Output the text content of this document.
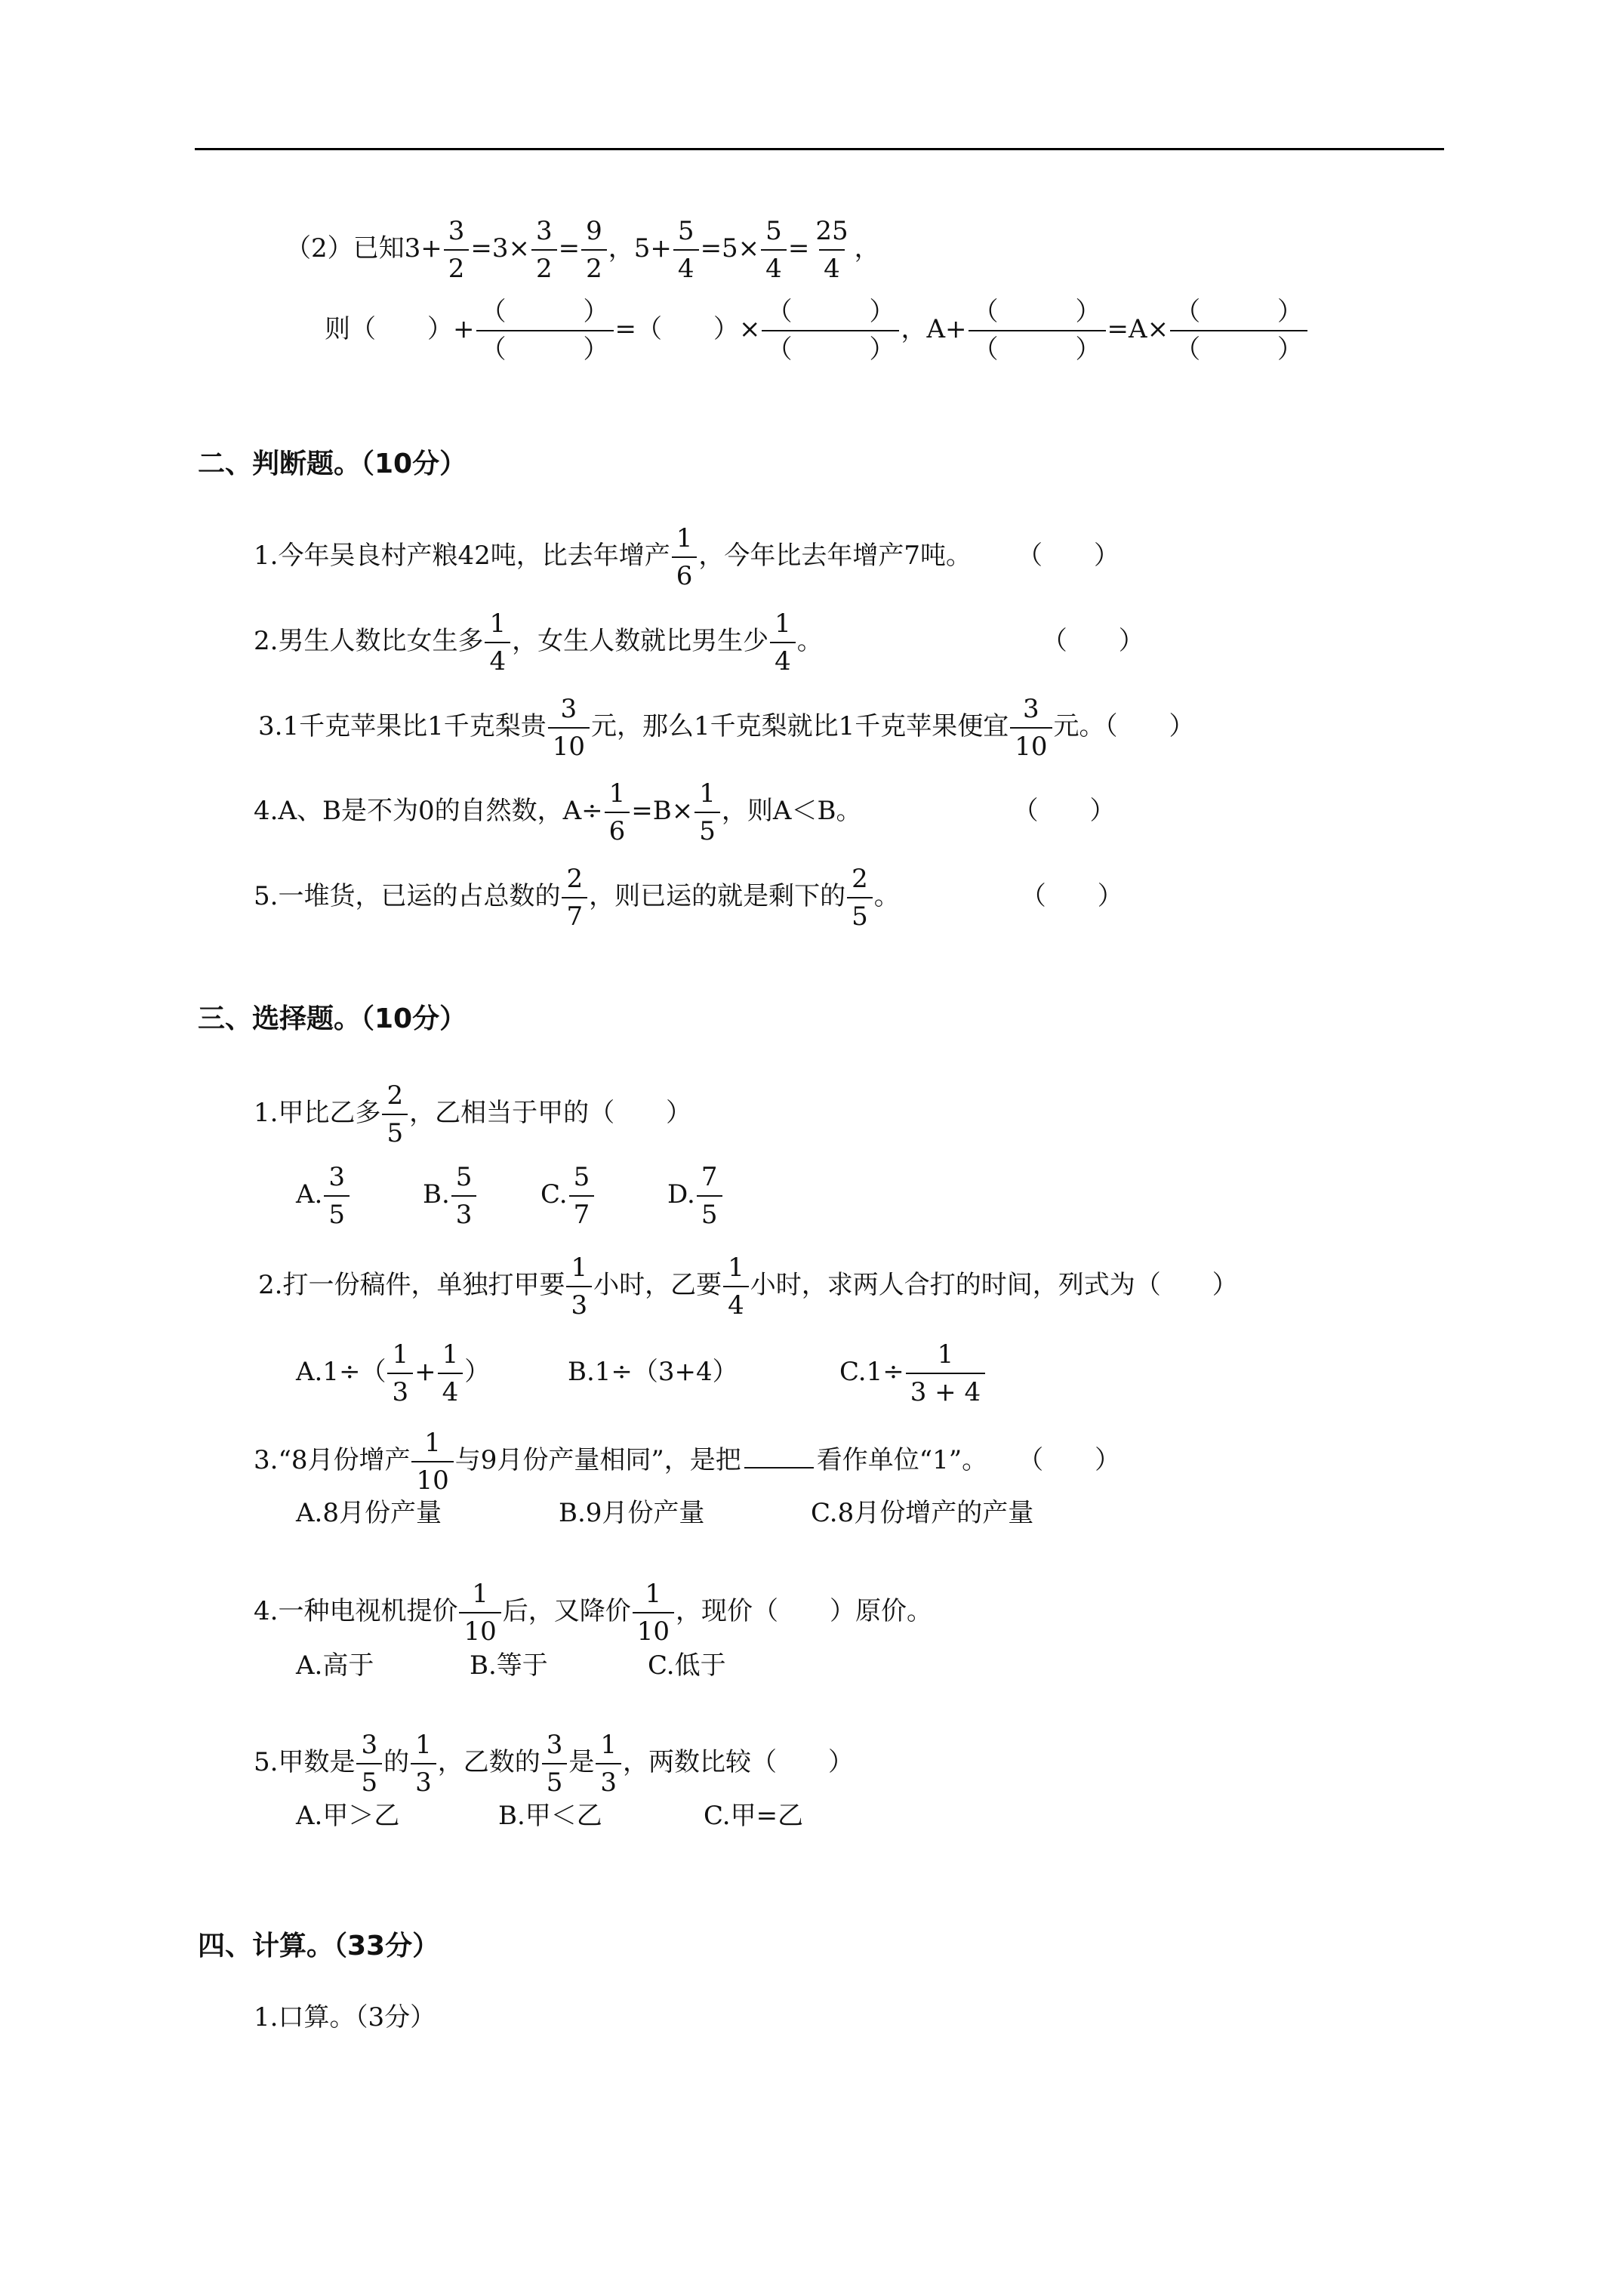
（2）已知$3+ \frac{3}{2} =3\times \frac{3}{2} = \frac{9}{2}$ ，$5+ \frac{5}{4} =5\times \frac{5}{4} = \frac{25}{4}$ ，
则（　　）+ $\frac{( )}{( )}$ =（　　）× $\frac{( )}{( )}$ ，$A+ \frac{( )}{( )} =A\times \frac{( )}{( )}$
二、判断题。（10分）
1.今年吴良村产粮42吨，比去年增产 $\frac{1}{6}$ ，今年比去年增产7吨。 （　　）
2.男生人数比女生多 $\frac{1}{4}$ ，女生人数就比男生少 $\frac{1}{4}$ 。	（　　）
3.1千克苹果比1千克梨贵 $\frac{3}{10}$ 元，那么1千克梨就比1千克苹果便宜 $\frac{3}{10}$ 元。（　　）
4.A、B是不为0的自然数，$A\div \frac{1}{6} =B\times \frac{1}{5}$ ，则A＜B。	（　　）
5.一堆货，已运的占总数的 $\frac{2}{7}$ ，则已运的就是剩下的 $\frac{2}{5}$ 。	（　　）
三、选择题。（10分）
1.甲比乙多 $\frac{2}{5}$ ，乙相当于甲的（　　）
A. $\frac{3}{5}$	B. $\frac{5}{3} C$. $\frac{5}{7}$	D. $\frac{7}{5}$
2.打一份稿件，单独打甲要 $\frac{1}{3}$ 小时，乙要 $\frac{1}{4}$ 小时，求两人合打的时间，列式为（　　）
$A.1\div( \frac{1}{3} + \frac{1}{4}$ ）	B.1÷（3+4）	$C.1\div \frac{1}{3 + 4}$
3.“8月份增产 $\frac{1}{10}$ 与9月份产量相同”，是把	看作单位“1”。 （　　）
A.8月份产量	B.9月份产量	C.8月份增产的产量
4.一种电视机提价 $\frac{1}{10}$ 后，又降价 $\frac{1}{10}$ ，现价（　　）原价。
A.高于	B.等于	C.低于
5.甲数是 $\frac{3}{5}$ 的 $\frac{1}{3}$ ，乙数的 $\frac{3}{5}$ 是 $\frac{1}{3}$ ，两数比较（　　）
A.甲＞乙	B.甲＜乙	C.甲=乙
四、计算。（33分）
1.口算。（3分）
